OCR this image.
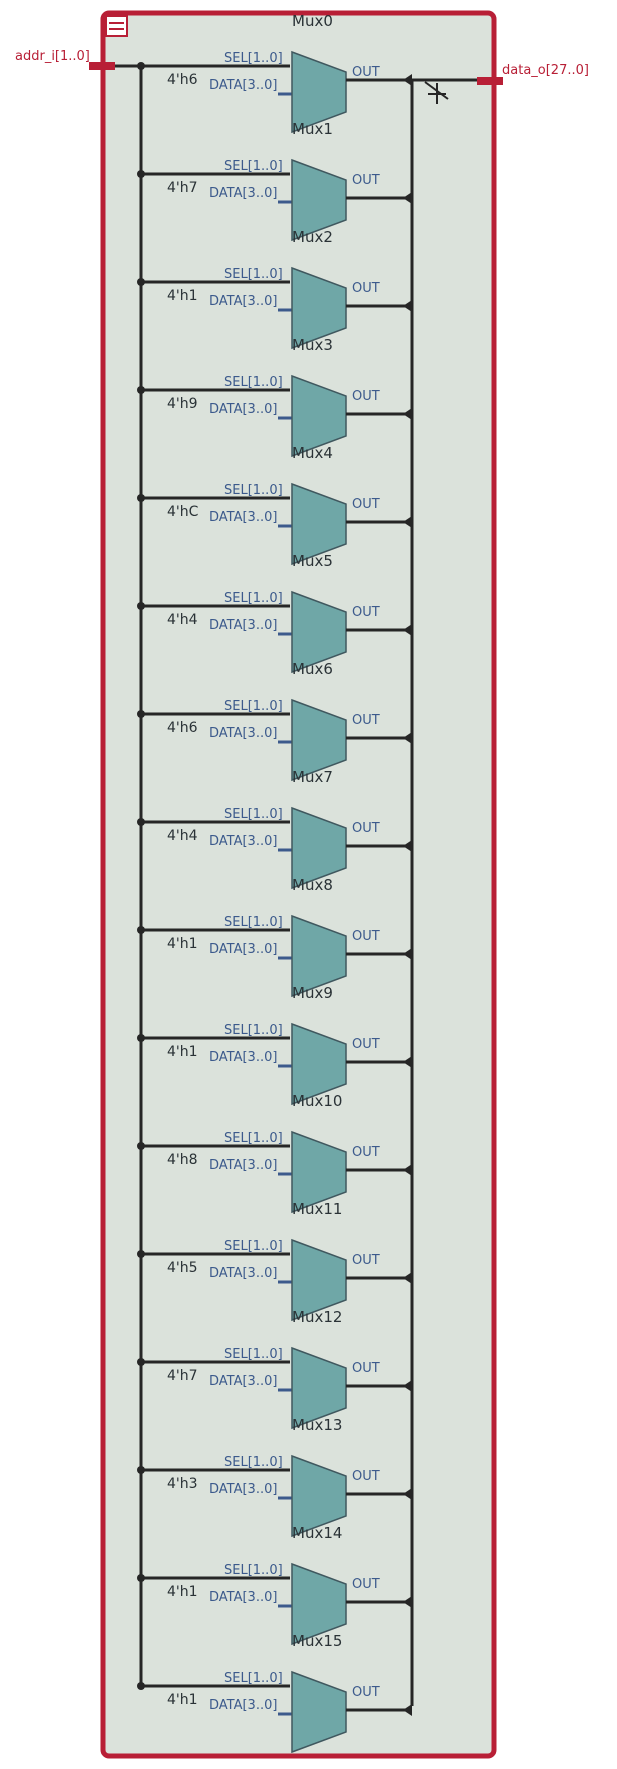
addr_i[1..0]
data_o[27..0]
Mux0
SEL[1..0]
4'h6 DATA[3..0]
OUT
Mux1
SEL[1..0]
4'h7 DATA[3..0]
OUT
Mux2
SEL[1..0]
4'h1 DATA[3..0]
OUT
Mux3
SEL[1..0]
4'h9 DATA[3..0]
OUT
Mux4
SEL[1..0]
4'hC DATA[3..0]
OUT
Mux5
SEL[1..0]
4'h4 DATA[3..0]
OUT
Mux6
SEL[1..0]
4'h6 DATA[3..0]
OUT
Mux7
SEL[1..0]
4'h4 DATA[3..0]
OUT
Mux8
SEL[1..0]
4'h1 DATA[3..0]
OUT
Mux9
SEL[1..0]
4'h1 DATA[3..0]
OUT
Mux10
SEL[1..0]
4'h8 DATA[3..0]
OUT
Mux11
SEL[1..0]
4'h5 DATA[3..0]
OUT
Mux12
SEL[1..0]
4'h7 DATA[3..0]
OUT
Mux13
SEL[1..0]
4'h3 DATA[3..0]
OUT
Mux14
SEL[1..0]
4'h1 DATA[3..0]
OUT
Mux15
SEL[1..0]
4'h1 DATA[3..0]
OUT
